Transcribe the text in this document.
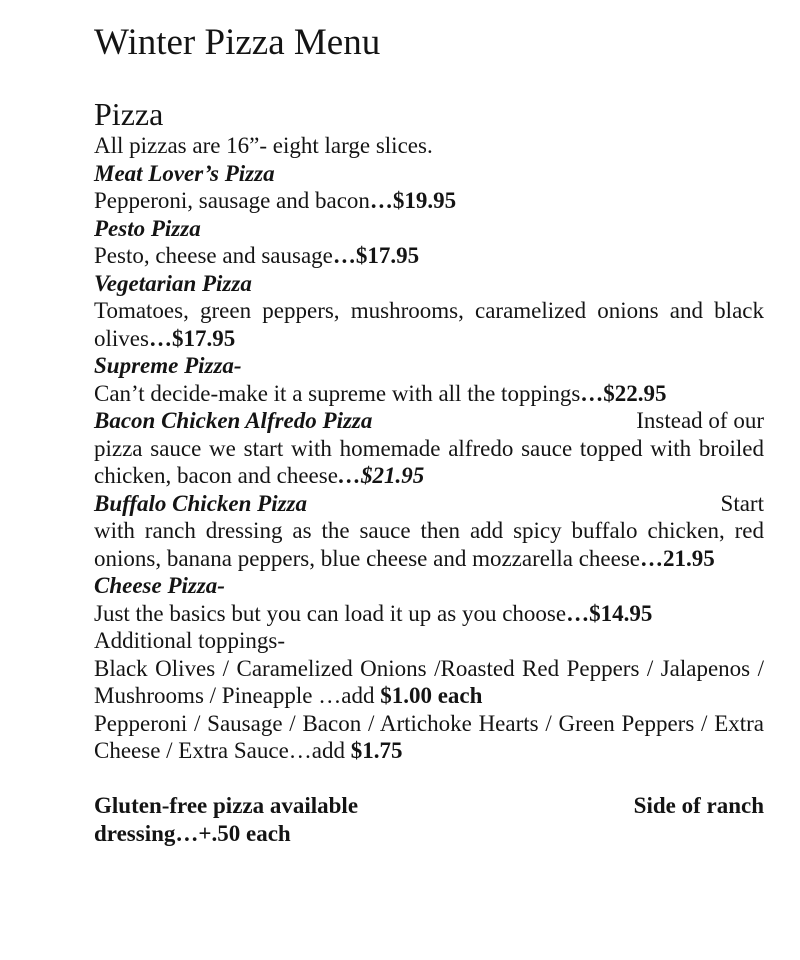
Winter Pizza Menu
Pizza
All pizzas are 16”- eight large slices.
Meat Lover’s Pizza
Pepperoni, sausage and bacon…$19.95
Pesto Pizza
Pesto, cheese and sausage…$17.95
Vegetarian Pizza
Tomatoes, green peppers, mushrooms, caramelized onions and black
olives…$17.95
Supreme Pizza-
Can’t decide-make it a supreme with all the toppings…$22.95
Bacon Chicken Alfredo Pizza	Instead of our
pizza sauce we start with homemade alfredo sauce topped with broiled
chicken, bacon and cheese…$21.95
Buffalo Chicken Pizza	Start
with ranch dressing as the sauce then add spicy buffalo chicken, red
onions, banana peppers, blue cheese and mozzarella cheese…21.95
Cheese Pizza-
Just the basics but you can load it up as you choose…$14.95
Additional toppings-
Black Olives / Caramelized Onions /Roasted Red Peppers / Jalapenos /
Mushrooms / Pineapple …add $1.00 each
Pepperoni / Sausage / Bacon / Artichoke Hearts / Green Peppers / Extra
Cheese / Extra Sauce…add $1.75
Gluten-free pizza available	Side of ranch
dressing…+.50 each
